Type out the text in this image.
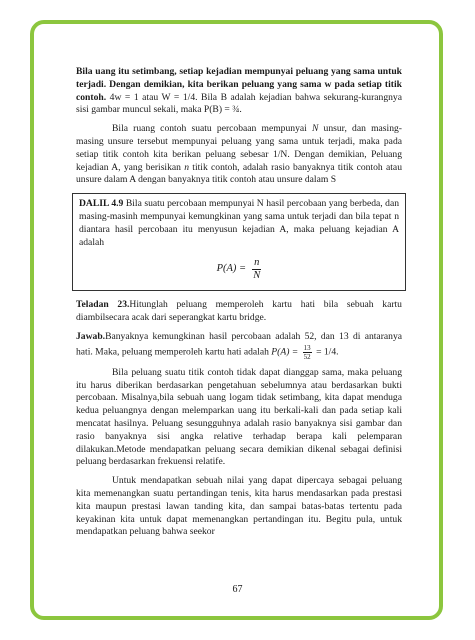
Bila uang itu setimbang, setiap kejadian mempunyai peluang yang sama untuk terjadi. Dengan demikian, kita berikan peluang yang sama w pada setiap titik contoh. 4w = 1 atau W = 1/4. Bila B adalah kejadian bahwa sekurang-kurangnya sisi gambar muncul sekali, maka P(B) = ¾.

Bila ruang contoh suatu percobaan mempunyai N unsur, dan masing-masing unsure tersebut mempunyai peluang yang sama untuk terjadi, maka pada setiap titik contoh kita berikan peluang sebesar 1/N. Dengan demikian, Peluang kejadian A, yang berisikan n titik contoh, adalah rasio banyaknya titik contoh atau unsure dalam A dengan banyaknya titik contoh atau unsure dalam S

DALIL 4.9 Bila suatu percobaan mempunyai N hasil percobaan yang berbeda, dan masing-masinh mempunyai kemungkinan yang sama untuk terjadi dan bila tepat n diantara hasil percobaan itu menyusun kejadian A, maka peluang kejadian A adalah
$P(A) = \frac{n}{N}$

Teladan 23.Hitunglah peluang memperoleh kartu hati bila sebuah kartu diambilsecara acak dari seperangkat kartu bridge.

Jawab.Banyaknya kemungkinan hasil percobaan adalah 52, dan 13 di antaranya hati. Maka, peluang memperoleh kartu hati adalah $P(A) = \frac{13}{52} = 1/4$.

Bila peluang suatu titik contoh tidak dapat dianggap sama, maka peluang itu harus diberikan berdasarkan pengetahuan sebelumnya atau berdasarkan bukti percobaan. Misalnya,bila sebuah uang logam tidak setimbang, kita dapat menduga kedua peluangnya dengan melemparkan uang itu berkali-kali dan pada setiap kali mencatat hasilnya. Peluang sesungguhnya adalah rasio banyaknya sisi gambar dan rasio banyaknya sisi angka relative terhadap berapa kali pelemparan dilakukan.Metode mendapatkan peluang secara demikian dikenal sebagai definisi peluang berdasarkan frekuensi relatife.

Untuk mendapatkan sebuah nilai yang dapat dipercaya sebagai peluang kita memenangkan suatu pertandingan tenis, kita harus mendasarkan pada prestasi kita maupun prestasi lawan tanding kita, dan sampai batas-batas tertentu pada keyakinan kita untuk dapat memenangkan pertandingan itu. Begitu pula, untuk mendapatkan peluang bahwa seekor

67
